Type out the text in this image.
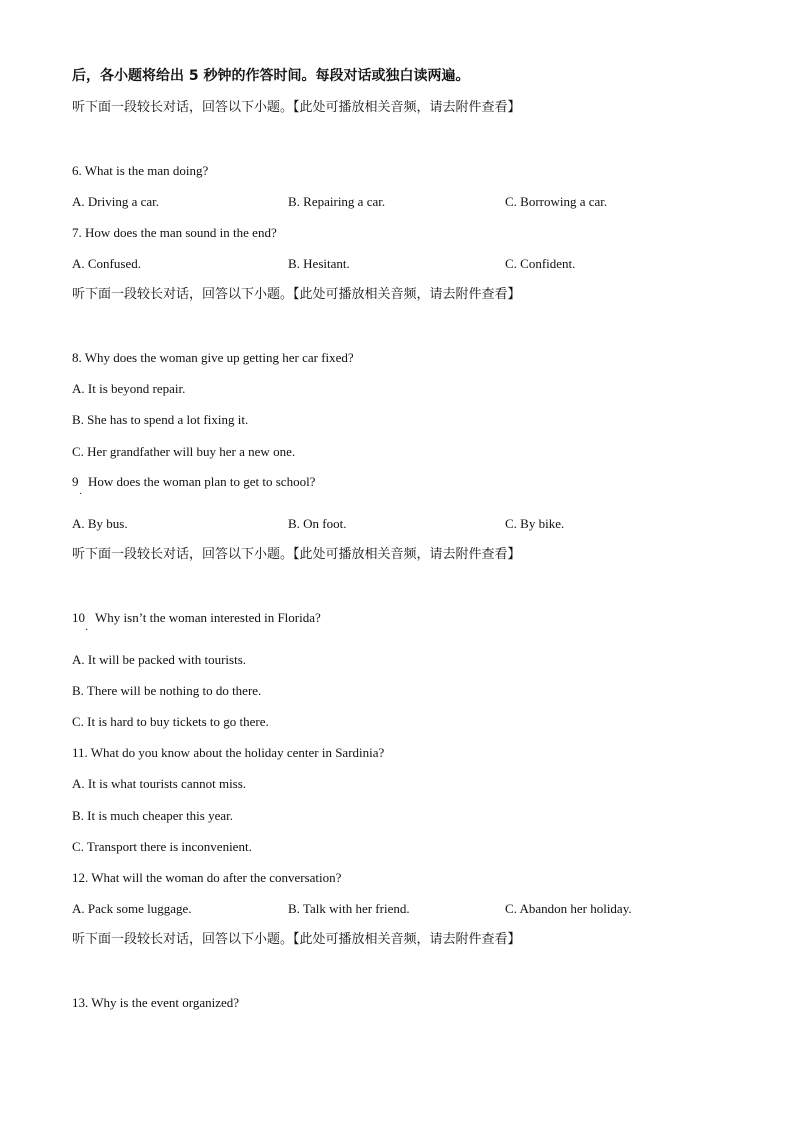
后，各小题将给出 5 秒钟的作答时间。每段对话或独白读两遍。
听下面一段较长对话，回答以下小题。【此处可播放相关音频，请去附件查看】
6. What is the man doing?
A. Driving a car.	B. Repairing a car.	C. Borrowing a car.
7. How does the man sound in the end?
A. Confused.	B. Hesitant.	C. Confident.
听下面一段较长对话，回答以下小题。【此处可播放相关音频，请去附件查看】
8. Why does the woman give up getting her car fixed?
A. It is beyond repair.
B. She has to spend a lot fixing it.
C. Her grandfather will buy her a new one.
9
·
How does the woman plan to get to school?
A. By bus.	B. On foot.	C. By bike.
听下面一段较长对话，回答以下小题。【此处可播放相关音频，请去附件查看】
10
·
Why isn’t the woman interested in Florida?
A. It will be packed with tourists.
B. There will be nothing to do there.
C. It is hard to buy tickets to go there.
11. What do you know about the holiday center in Sardinia?
A. It is what tourists cannot miss.
B. It is much cheaper this year.
C. Transport there is inconvenient.
12. What will the woman do after the conversation?
A. Pack some luggage.	B. Talk with her friend.	C. Abandon her holiday.
听下面一段较长对话，回答以下小题。【此处可播放相关音频，请去附件查看】
13. Why is the event organized?
